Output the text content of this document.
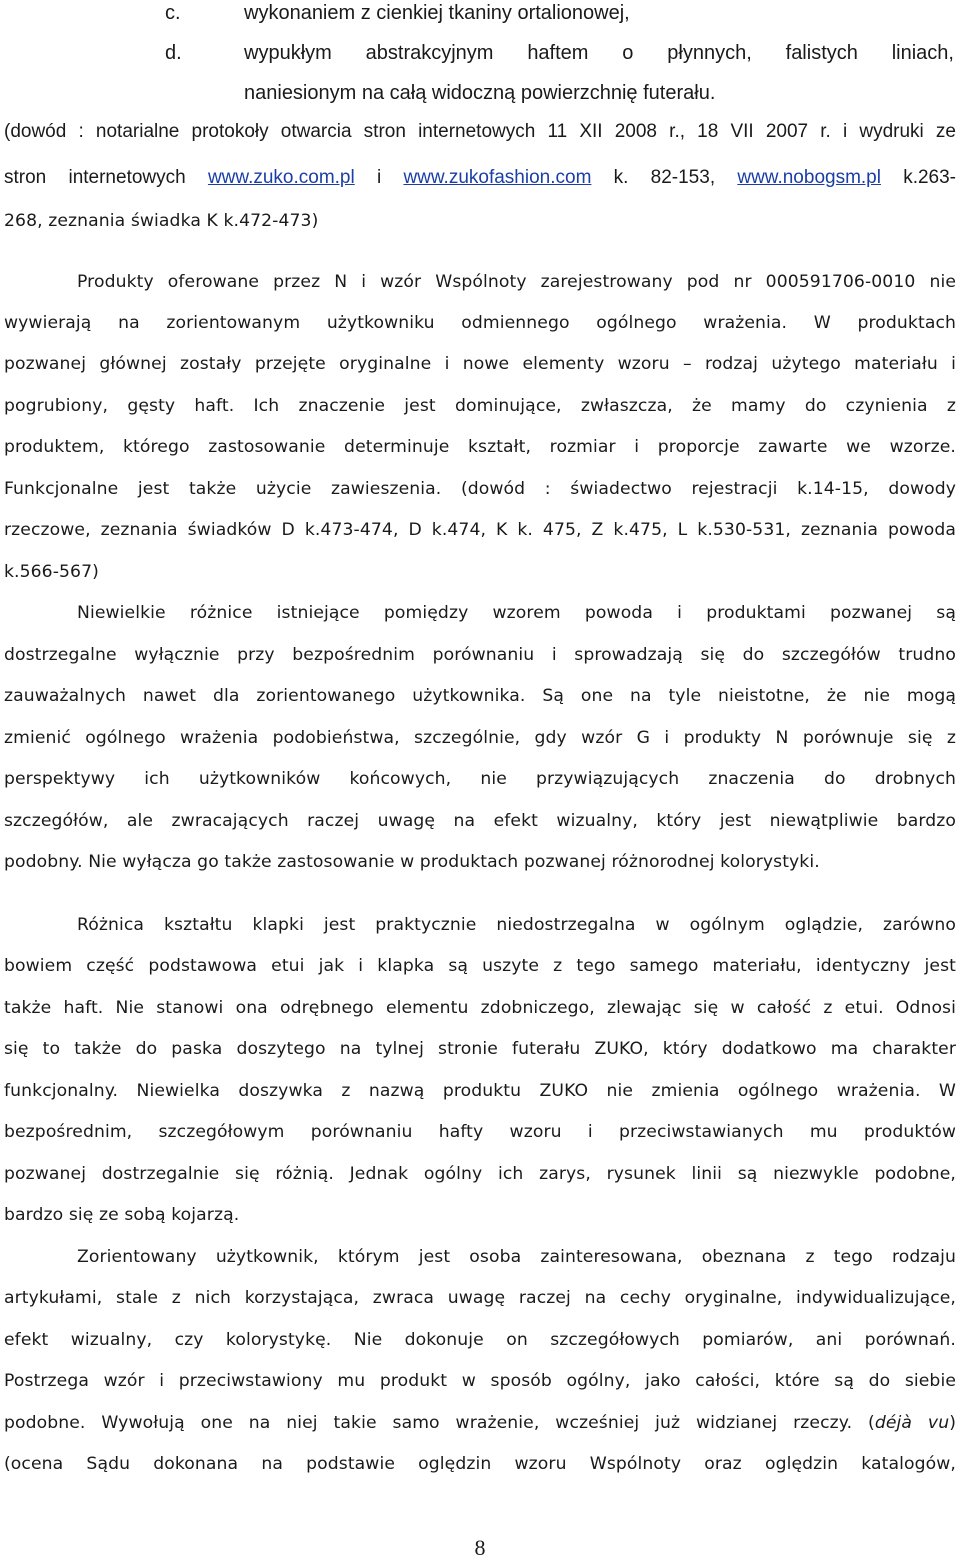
c.	wykonaniem z cienkiej tkaniny ortalionowej,
d.	wypukłym abstrakcyjnym haftem o płynnych, falistych liniach,
naniesionym na całą widoczną powierzchnię futerału.
(dowód : notarialne protokoły otwarcia stron internetowych 11 XII 2008 r., 18 VII 2007 r. i wydruki ze
stron internetowych www.zuko.com.pl i www.zukofashion.com k. 82-153, www.nobogsm.pl k.263-
268, zeznania świadka K k.472-473)
Produkty oferowane przez N i wzór Wspólnoty zarejestrowany pod nr 000591706-0010 nie
wywierają na zorientowanym użytkowniku odmiennego ogólnego wrażenia. W produktach
pozwanej głównej zostały przejęte oryginalne i nowe elementy wzoru – rodzaj użytego materiału i
pogrubiony, gęsty haft. Ich znaczenie jest dominujące, zwłaszcza, że mamy do czynienia z
produktem, którego zastosowanie determinuje kształt, rozmiar i proporcje zawarte we wzorze.
Funkcjonalne jest także użycie zawieszenia. (dowód : świadectwo rejestracji k.14-15, dowody
rzeczowe, zeznania świadków D k.473-474, D k.474, K k. 475, Z k.475, L k.530-531, zeznania powoda
k.566-567)
Niewielkie różnice istniejące pomiędzy wzorem powoda i produktami pozwanej są
dostrzegalne wyłącznie przy bezpośrednim porównaniu i sprowadzają się do szczegółów trudno
zauważalnych nawet dla zorientowanego użytkownika. Są one na tyle nieistotne, że nie mogą
zmienić ogólnego wrażenia podobieństwa, szczególnie, gdy wzór G i produkty N porównuje się z
perspektywy ich użytkowników końcowych, nie przywiązujących znaczenia do drobnych
szczegółów, ale zwracających raczej uwagę na efekt wizualny, który jest niewątpliwie bardzo
podobny. Nie wyłącza go także zastosowanie w produktach pozwanej różnorodnej kolorystyki.
Różnica kształtu klapki jest praktycznie niedostrzegalna w ogólnym oglądzie, zarówno
bowiem część podstawowa etui jak i klapka są uszyte z tego samego materiału, identyczny jest
także haft. Nie stanowi ona odrębnego elementu zdobniczego, zlewając się w całość z etui. Odnosi
się to także do paska doszytego na tylnej stronie futerału ZUKO, który dodatkowo ma charakter
funkcjonalny. Niewielka doszywka z nazwą produktu ZUKO nie zmienia ogólnego wrażenia. W
bezpośrednim, szczegółowym porównaniu hafty wzoru i przeciwstawianych mu produktów
pozwanej dostrzegalnie się różnią. Jednak ogólny ich zarys, rysunek linii są niezwykle podobne,
bardzo się ze sobą kojarzą.
Zorientowany użytkownik, którym jest osoba zainteresowana, obeznana z tego rodzaju
artykułami, stale z nich korzystająca, zwraca uwagę raczej na cechy oryginalne, indywidualizujące,
efekt wizualny, czy kolorystykę. Nie dokonuje on szczegółowych pomiarów, ani porównań.
Postrzega wzór i przeciwstawiony mu produkt w sposób ogólny, jako całości, które są do siebie
podobne. Wywołują one na niej takie samo wrażenie, wcześniej już widzianej rzeczy. (déjà vu)
(ocena Sądu dokonana na podstawie oględzin wzoru Wspólnoty oraz oględzin katalogów,
8
